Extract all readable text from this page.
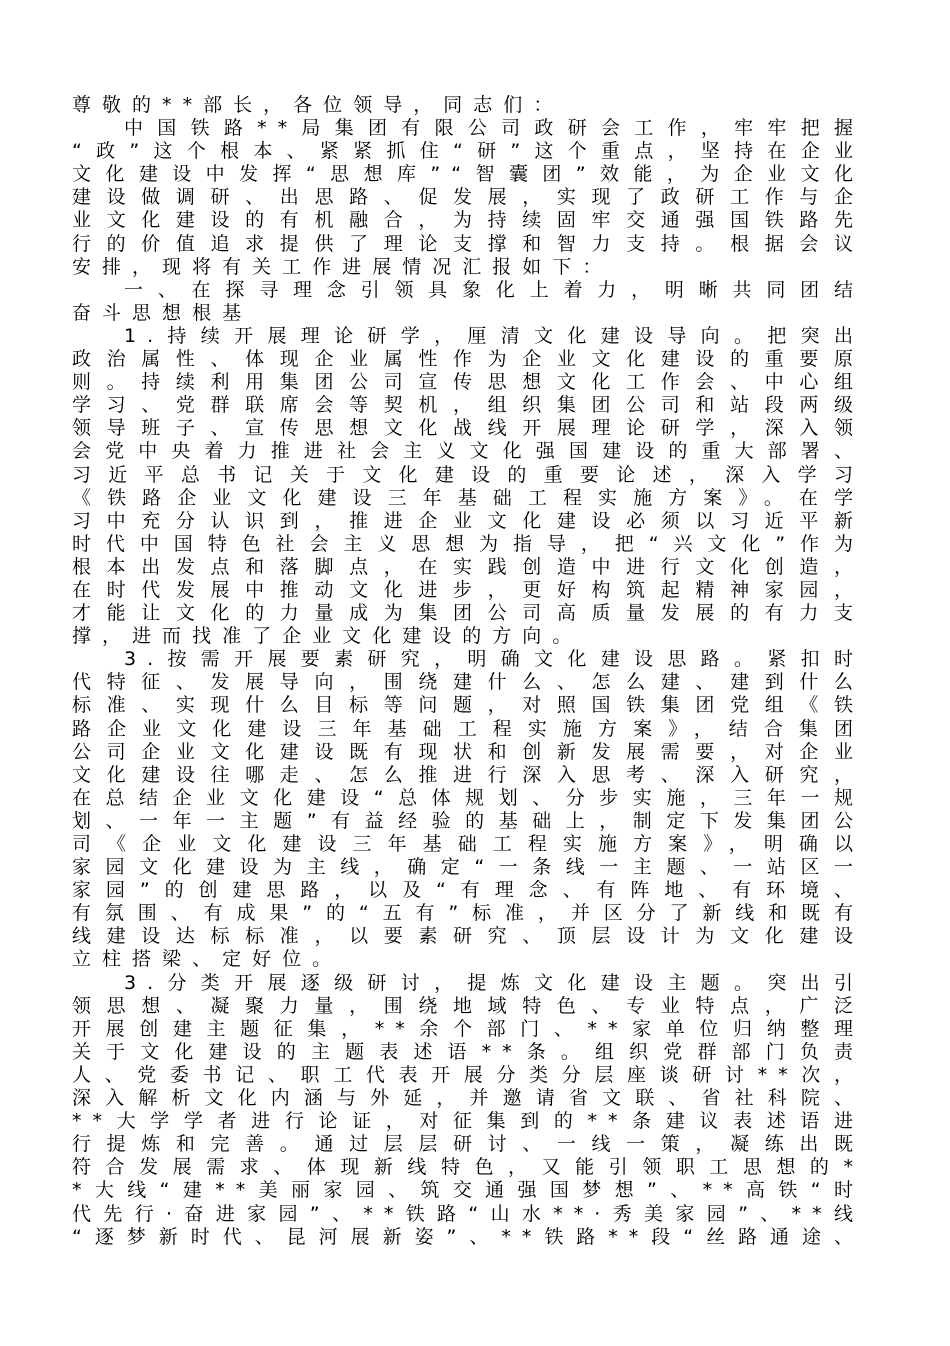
尊敬的**部长，各位领导，同志们：
中国铁路**局集团有限公司政研会工作，牢牢把握
“政”这个根本、紧紧抓住“研”这个重点，坚持在企业
文化建设中发挥“思想库”“智囊团”效能，为企业文化
建设做调研、出思路、促发展，实现了政研工作与企
业文化建设的有机融合，为持续固牢交通强国铁路先
行的价值追求提供了理论支撑和智力支持。根据会议
安排，现将有关工作进展情况汇报如下：
一、在探寻理念引领具象化上着力，明晰共同团结
奋斗思想根基
1.持续开展理论研学，厘清文化建设导向。把突出
政治属性、体现企业属性作为企业文化建设的重要原
则。持续利用集团公司宣传思想文化工作会、中心组
学习、党群联席会等契机，组织集团公司和站段两级
领导班子、宣传思想文化战线开展理论研学，深入领
会党中央着力推进社会主义文化强国建设的重大部署、
习近平总书记关于文化建设的重要论述，深入学习
《铁路企业文化建设三年基础工程实施方案》。在学
习中充分认识到，推进企业文化建设必须以习近平新
时代中国特色社会主义思想为指导，把“兴文化”作为
根本出发点和落脚点，在实践创造中进行文化创造，
在时代发展中推动文化进步，更好构筑起精神家园，
才能让文化的力量成为集团公司高质量发展的有力支
撑，进而找准了企业文化建设的方向。
3.按需开展要素研究，明确文化建设思路。紧扣时
代特征、发展导向，围绕建什么、怎么建、建到什么
标准、实现什么目标等问题，对照国铁集团党组《铁
路企业文化建设三年基础工程实施方案》，结合集团
公司企业文化建设既有现状和创新发展需要，对企业
文化建设往哪走、怎么推进行深入思考、深入研究，
在总结企业文化建设“总体规划、分步实施，三年一规
划、一年一主题”有益经验的基础上，制定下发集团公
司《企业文化建设三年基础工程实施方案》，明确以
家园文化建设为主线，确定“一条线一主题、一站区一
家园”的创建思路，以及“有理念、有阵地、有环境、
有氛围、有成果”的“五有”标准，并区分了新线和既有
线建设达标标准，以要素研究、顶层设计为文化建设
立柱搭梁、定好位。
3.分类开展逐级研讨，提炼文化建设主题。突出引
领思想、凝聚力量，围绕地域特色、专业特点，广泛
开展创建主题征集，**余个部门、**家单位归纳整理
关于文化建设的主题表述语**条。组织党群部门负责
人、党委书记、职工代表开展分类分层座谈研讨**次，
深入解析文化内涵与外延，并邀请省文联、省社科院、
**大学学者进行论证，对征集到的**条建议表述语进
行提炼和完善。通过层层研讨、一线一策，凝练出既
符合发展需求、体现新线特色，又能引领职工思想的*
*大线“建**美丽家园、筑交通强国梦想”、**高铁“时
代先行·奋进家园”、**铁路“山水**·秀美家园”、**线
“逐梦新时代、昆河展新姿”、**铁路**段“丝路通途、
